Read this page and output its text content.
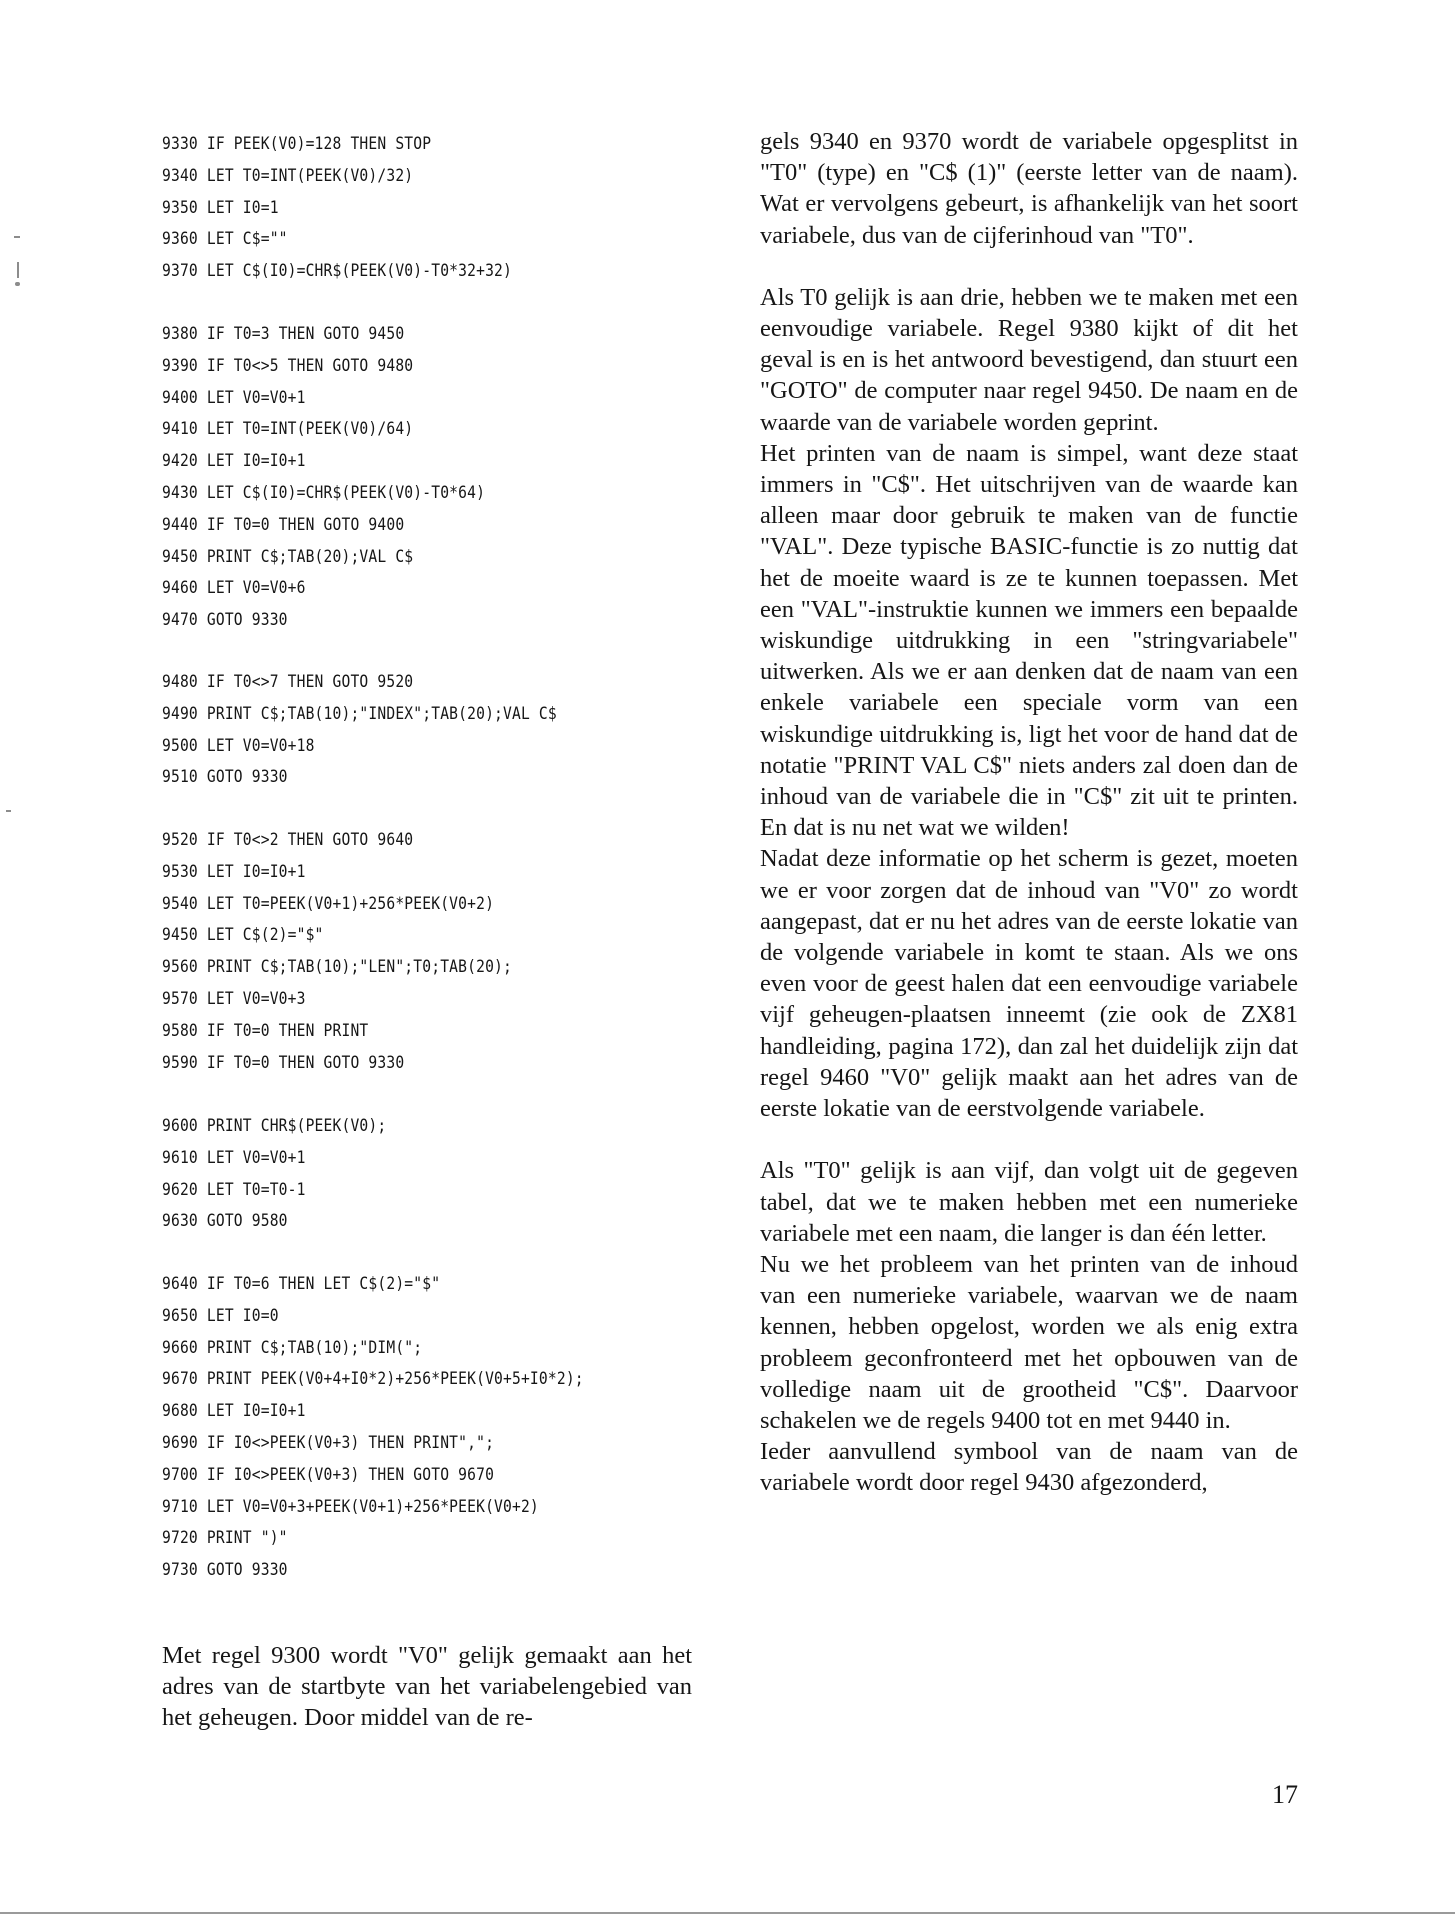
9330 IF PEEK(V0)=128 THEN STOP
9340 LET T0=INT(PEEK(V0)/32)
9350 LET I0=1
9360 LET C$=""
9370 LET C$(I0)=CHR$(PEEK(V0)-T0*32+32)
9380 IF T0=3 THEN GOTO 9450
9390 IF T0<>5 THEN GOTO 9480
9400 LET V0=V0+1
9410 LET T0=INT(PEEK(V0)/64)
9420 LET I0=I0+1
9430 LET C$(I0)=CHR$(PEEK(V0)-T0*64)
9440 IF T0=0 THEN GOTO 9400
9450 PRINT C$;TAB(20);VAL C$
9460 LET V0=V0+6
9470 GOTO 9330
9480 IF T0<>7 THEN GOTO 9520
9490 PRINT C$;TAB(10);"INDEX";TAB(20);VAL C$
9500 LET V0=V0+18
9510 GOTO 9330
9520 IF T0<>2 THEN GOTO 9640
9530 LET I0=I0+1
9540 LET T0=PEEK(V0+1)+256*PEEK(V0+2)
9450 LET C$(2)="$"
9560 PRINT C$;TAB(10);"LEN";T0;TAB(20);
9570 LET V0=V0+3
9580 IF T0=0 THEN PRINT
9590 IF T0=0 THEN GOTO 9330
9600 PRINT CHR$(PEEK(V0);
9610 LET V0=V0+1
9620 LET T0=T0-1
9630 GOTO 9580
9640 IF T0=6 THEN LET C$(2)="$"
9650 LET I0=0
9660 PRINT C$;TAB(10);"DIM(";
9670 PRINT PEEK(V0+4+I0*2)+256*PEEK(V0+5+I0*2);
9680 LET I0=I0+1
9690 IF I0<>PEEK(V0+3) THEN PRINT",";
9700 IF I0<>PEEK(V0+3) THEN GOTO 9670
9710 LET V0=V0+3+PEEK(V0+1)+256*PEEK(V0+2)
9720 PRINT ")"
9730 GOTO 9330

Met regel 9300 wordt "V0" gelijk gemaakt aan het adres van de startbyte van het variabelengebied van het geheugen. Door middel van de re-

gels 9340 en 9370 wordt de variabele opgesplitst in "T0" (type) en "C$ (1)" (eerste letter van de naam). Wat er vervolgens gebeurt, is afhankelijk van het soort variabele, dus van de cijferinhoud van "T0".

Als T0 gelijk is aan drie, hebben we te maken met een eenvoudige variabele. Regel 9380 kijkt of dit het geval is en is het antwoord bevestigend, dan stuurt een "GOTO" de computer naar regel 9450. De naam en de waarde van de variabele worden geprint.

Het printen van de naam is simpel, want deze staat immers in "C$". Het uitschrijven van de waarde kan alleen maar door gebruik te maken van de functie "VAL". Deze typische BASIC-functie is zo nuttig dat het de moeite waard is ze te kunnen toepassen. Met een "VAL"-instruktie kunnen we immers een bepaalde wiskundige uitdrukking in een "stringvariabele" uitwerken. Als we er aan denken dat de naam van een enkele variabele een speciale vorm van een wiskundige uitdrukking is, ligt het voor de hand dat de notatie "PRINT VAL C$" niets anders zal doen dan de inhoud van de variabele die in "C$" zit uit te printen. En dat is nu net wat we wilden!

Nadat deze informatie op het scherm is gezet, moeten we er voor zorgen dat de inhoud van "V0" zo wordt aangepast, dat er nu het adres van de eerste lokatie van de volgende variabele in komt te staan. Als we ons even voor de geest halen dat een eenvoudige variabele vijf geheugen-plaatsen inneemt (zie ook de ZX81 handleiding, pagina 172), dan zal het duidelijk zijn dat regel 9460 "V0" gelijk maakt aan het adres van de eerste lokatie van de eerstvolgende variabele.

Als "T0" gelijk is aan vijf, dan volgt uit de gegeven tabel, dat we te maken hebben met een numerieke variabele met een naam, die langer is dan één letter.

Nu we het probleem van het printen van de inhoud van een numerieke variabele, waarvan we de naam kennen, hebben opgelost, worden we als enig extra probleem geconfronteerd met het opbouwen van de volledige naam uit de grootheid "C$". Daarvoor schakelen we de regels 9400 tot en met 9440 in.

Ieder aanvullend symbool van de naam van de variabele wordt door regel 9430 afgezonderd,

17
